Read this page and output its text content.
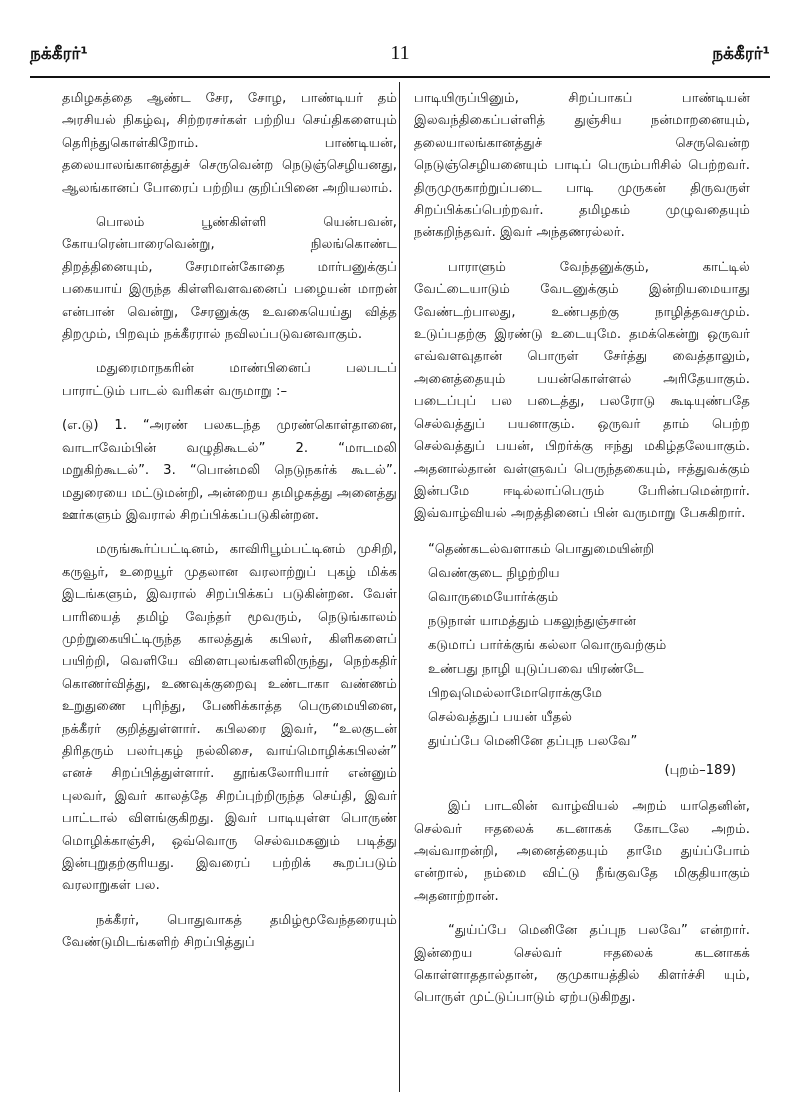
நக்கீரர்¹	11	நக்கீரர்¹

தமிழகத்தை ஆண்ட சேர, சோழ, பாண்டியர் தம் அரசியல் நிகழ்வு, சிற்றரசர்கள் பற்றிய செய்திகளையும் தெரிந்துகொள்கிறோம். பாண்டியன், தலையாலங்கானத்துச் செருவென்ற நெடுஞ்செழியனது, ஆலங்கானப் போரைப் பற்றிய குறிப்பினை அறியலாம்.

பொலம் பூண்கிள்ளி யென்பவன், கோயரென்பாரைவென்று, நிலங்கொண்ட திறத்தினையும், சேரமான்கோதை மார்பனுக்குப் பகையாய் இருந்த கிள்ளிவளவனைப் பழையன் மாறன் என்பான் வென்று, சேரனுக்கு உவகையெய்து வித்த திறமும், பிறவும் நக்கீரரால் நவிலப்படுவனவாகும்.

மதுரைமாநகரின் மாண்பினைப் பலபடப் பாராட்டும் பாடல் வரிகள் வருமாறு :–

(எ.டு) 1. “அரண் பலகடந்த முரண்கொள்தானை, வாடாவேம்பின் வழுதிகூடல்” 2. “மாடமலி மறுகிற்கூடல்”. 3. “பொன்மலி நெடுநகர்க் கூடல்”. மதுரையை மட்டுமன்றி, அன்றைய தமிழகத்து அனைத்து ஊர்களும் இவரால் சிறப்பிக்கப்படுகின்றன.

மருங்கூர்ப்பட்டினம், காவிரிபூம்பட்டினம் முசிறி, கருவூர், உறையூர் முதலான வரலாற்றுப் புகழ் மிக்க இடங்களும், இவரால் சிறப்பிக்கப் படுகின்றன. வேள் பாரியைத் தமிழ் வேந்தர் மூவரும், நெடுங்காலம் முற்றுகையிட்டிருந்த காலத்துக் கபிலர், கிளிகளைப் பயிற்றி, வெளியே விளைபுலங்களிலிருந்து, நெற்கதிர் கொணர்வித்து, உணவுக்குறைவு உண்டாகா வண்ணம் உறுதுணை புரிந்து, பேணிக்காத்த பெருமையினை, நக்கீரர் குறித்துள்ளார். கபிலரை இவர், “உலகுடன் திரிதரும் பலர்புகழ் நல்லிசை, வாய்மொழிக்கபிலன்” எனச் சிறப்பித்துள்ளார். தூங்கலோரியார் என்னும் புலவர், இவர் காலத்தே சிறப்புற்றிருந்த செய்தி, இவர் பாட்டால் விளங்குகிறது. இவர் பாடியுள்ள பொருண் மொழிக்காஞ்சி, ஒவ்வொரு செல்வமகனும் படித்து இன்புறுதற்குரியது. இவரைப் பற்றிக் கூறப்படும் வரலாறுகள் பல.

நக்கீரர், பொதுவாகத் தமிழ்மூவேந்தரையும் வேண்டுமிடங்களிற் சிறப்பித்துப்

பாடியிருப்பினும், சிறப்பாகப் பாண்டியன் இலவந்திகைப்பள்ளித் துஞ்சிய நன்மாறனையும், தலையாலங்கானத்துச் செருவென்ற நெடுஞ்செழியனையும் பாடிப் பெரும்பரிசில் பெற்றவர். திருமுருகாற்றுப்படை பாடி முருகன் திருவருள் சிறப்பிக்கப்பெற்றவர். தமிழகம் முழுவதையும் நன்கறிந்தவர். இவர் அந்தணரல்லர்.

பாராளும் வேந்தனுக்கும், காட்டில் வேட்டையாடும் வேடனுக்கும் இன்றியமையாது வேண்டற்பாலது, உண்பதற்கு நாழித்தவசமும். உடுப்பதற்கு இரண்டு உடையுமே. தமக்கென்று ஒருவர் எவ்வளவுதான் பொருள் சேர்த்து வைத்தாலும், அனைத்தையும் பயன்கொள்ளல் அரிதேயாகும். படைப்புப் பல படைத்து, பலரோடு கூடியுண்பதே செல்வத்துப் பயனாகும். ஒருவர் தாம் பெற்ற செல்வத்துப் பயன், பிறர்க்கு ஈந்து மகிழ்தலேயாகும். அதனால்தான் வள்ளுவப் பெருந்தகையும், ஈத்துவக்கும் இன்பமே ஈடில்லாப்பெரும் பேரின்பமென்றார். இவ்வாழ்வியல் அறத்தினைப் பின் வருமாறு பேசுகிறார்.

“தெண்கடல்வளாகம் பொதுமையின்றி
வெண்குடை நிழற்றிய
வொருமையோர்க்கும்
நடுநாள் யாமத்தும் பகலுந்துஞ்சான்
கடுமாப் பார்க்குங் கல்லா வொருவற்கும்
உண்பது நாழி யுடுப்பவை யிரண்டே
பிறவுமெல்லாமோரொக்குமே
செல்வத்துப் பயன் யீதல்
துய்ப்பே மெனினே தப்புந பலவே”
(புறம்–189)

இப் பாடலின் வாழ்வியல் அறம் யாதெனின், செல்வர் ஈதலைக் கடனாகக் கோடலே அறம். அவ்வாறன்றி, அனைத்தையும் தாமே துய்ப்போம் என்றால், நம்மை விட்டு நீங்குவதே மிகுதியாகும் அதனாற்றான்.

“துய்ப்பே மெனினே தப்புந பலவே” என்றார். இன்றைய செல்வர் ஈதலைக் கடனாகக் கொள்ளாததால்தான், குமுகாயத்தில் கிளர்ச்சி யும், பொருள் முட்டுப்பாடும் ஏற்படுகிறது.
